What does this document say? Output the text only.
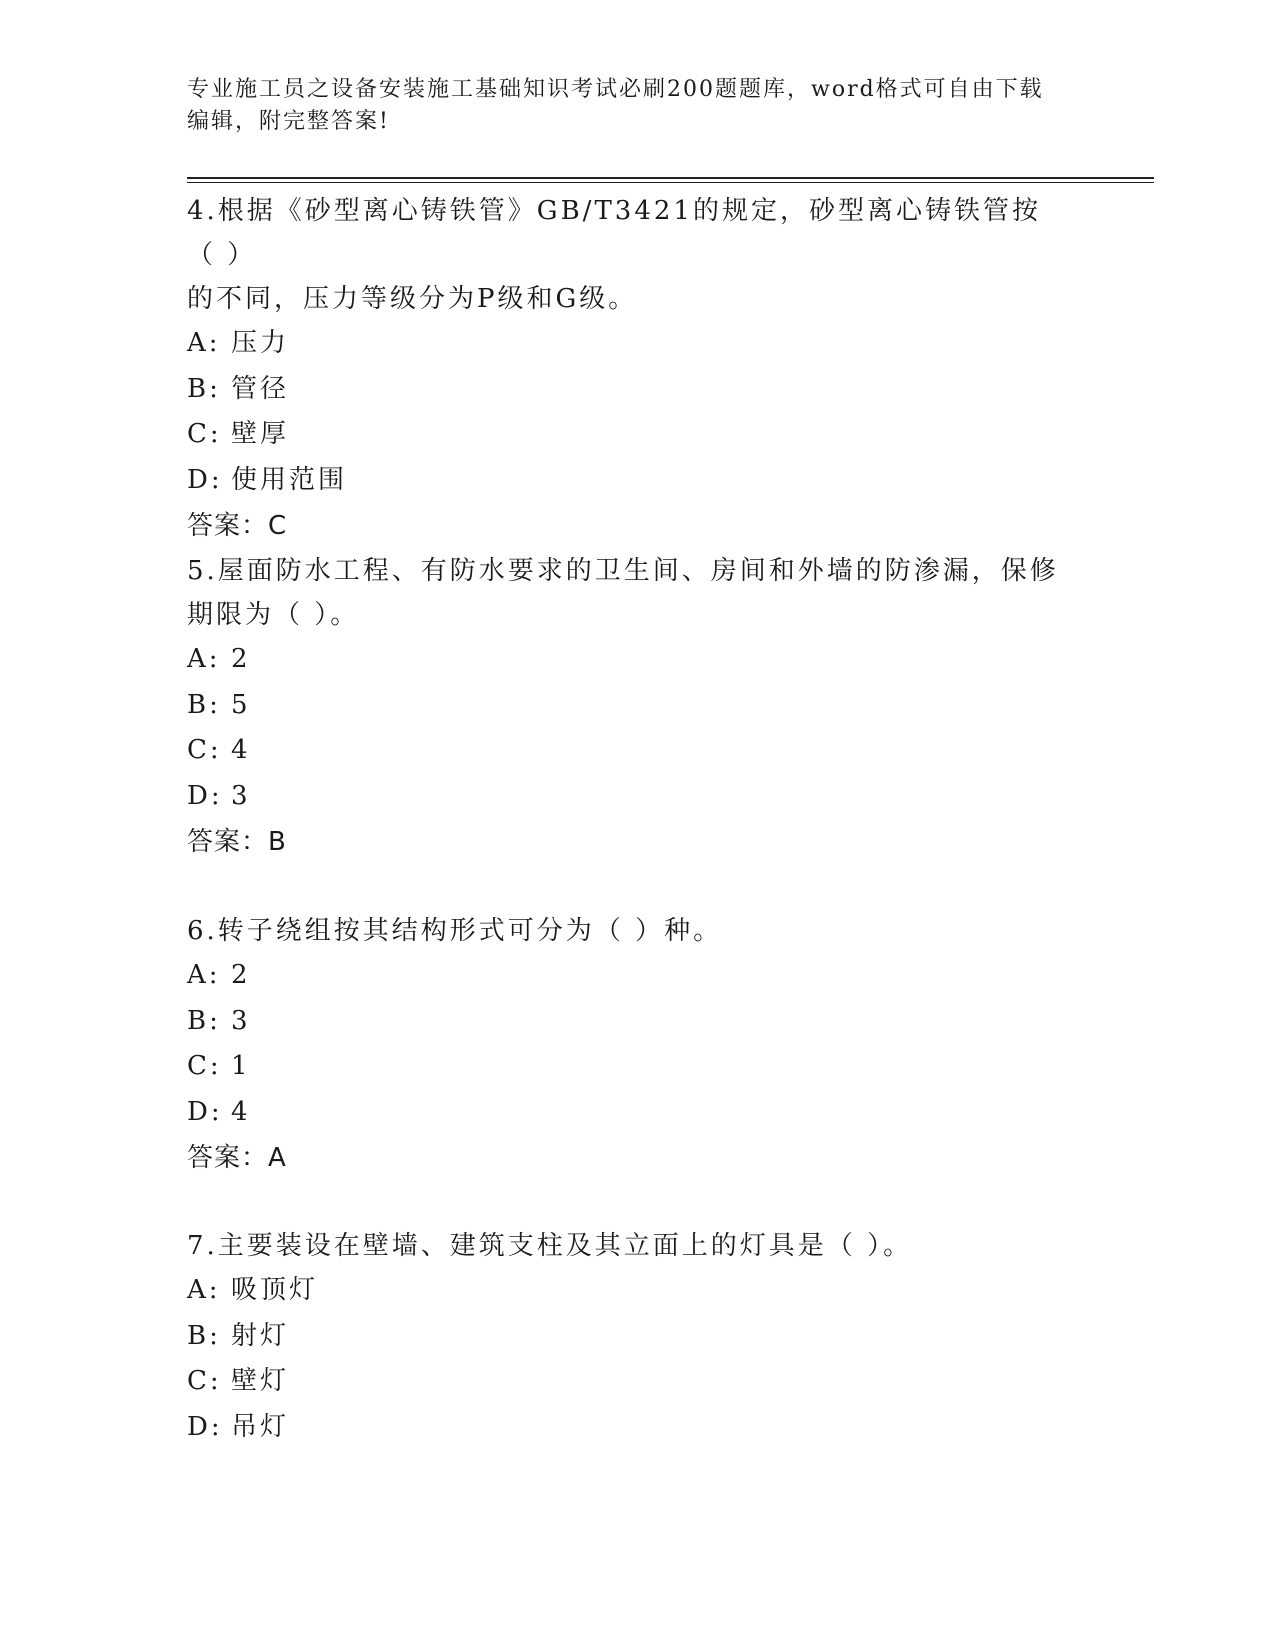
专业施工员之设备安装施工基础知识考试必刷200题题库，word格式可自由下载
编辑，附完整答案!

4.根据《砂型离心铸铁管》GB/T3421的规定，砂型离心铸铁管按（ ）

的不同，压力等级分为P级和G级。

A: 压力

B: 管径

C: 壁厚

D: 使用范围

答案：C

5.屋面防水工程、有防水要求的卫生间、房间和外墙的防渗漏，保修

期限为（ ）。

A: 2

B: 5

C: 4

D: 3

答案：B

6.转子绕组按其结构形式可分为（ ）种。

A: 2

B: 3

C: 1

D: 4

答案：A

7.主要装设在壁墙、建筑支柱及其立面上的灯具是（ ）。

A: 吸顶灯

B: 射灯

C: 壁灯

D: 吊灯
